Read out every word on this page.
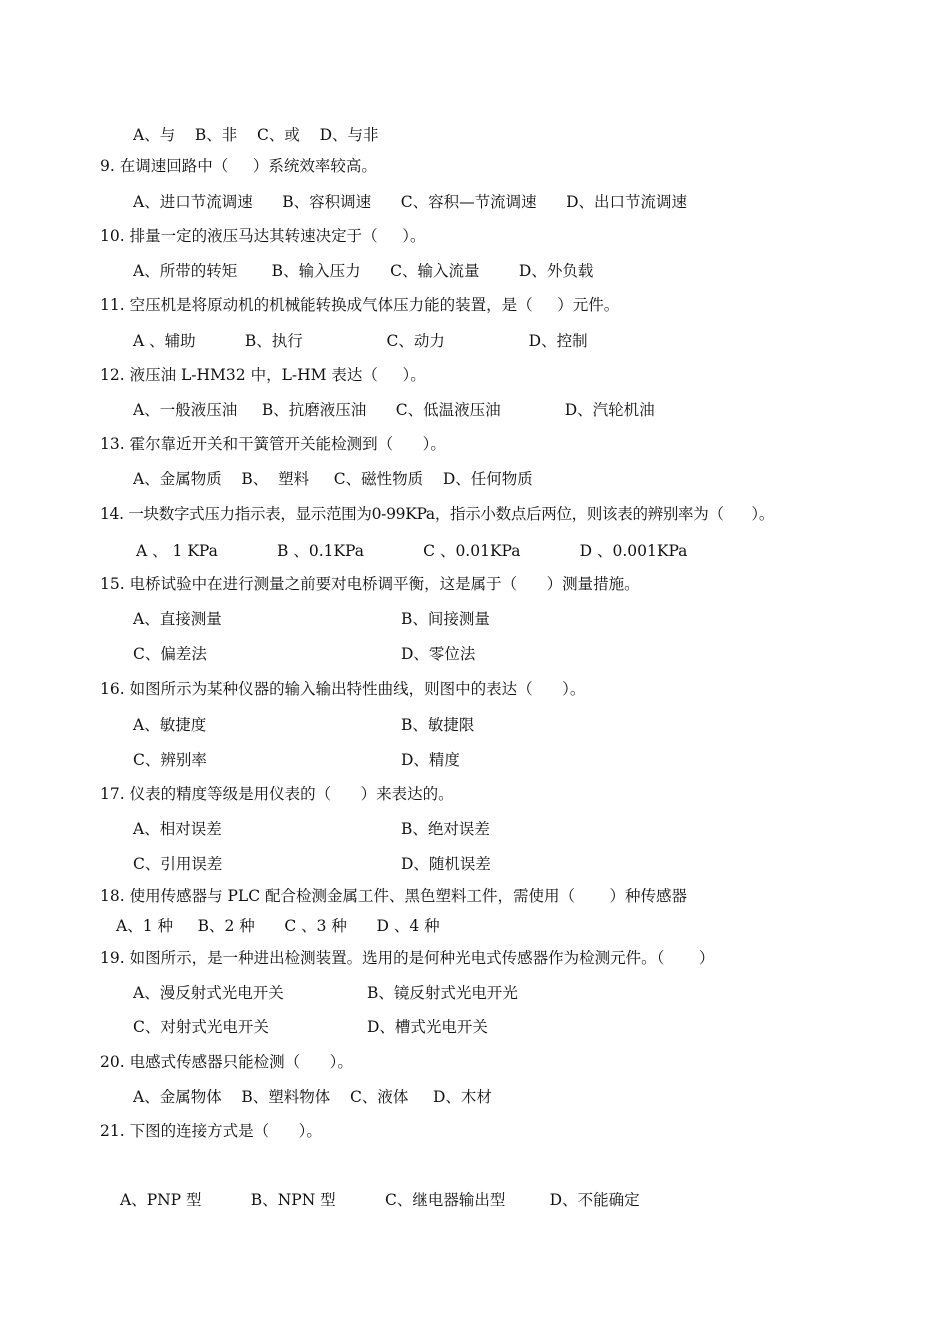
A、与    B、非    C、或    D、与非
9. 在调速回路中（     ）系统效率较高。
A、进口节流调速      B、容积调速      C、容积—节流调速      D、出口节流调速
10. 排量一定的液压马达其转速决定于（     ）。
A、所带的转矩       B、输入压力      C、输入流量        D、外负载
11. 空压机是将原动机的机械能转换成气体压力能的装置，是（     ）元件。
A 、辅助          B、执行                 C、动力                 D、控制
12. 液压油 L-HM32 中，L-HM 表达（     ）。
A、一般液压油     B、抗磨液压油      C、低温液压油             D、汽轮机油
13. 霍尔靠近开关和干簧管开关能检测到（      ）。
A、金属物质    B、  塑料     C、磁性物质    D、任何物质
14. 一块数字式压力指示表，显示范围为0-99KPa，指示小数点后两位，则该表的辨别率为（      ）。
A 、 1 KPa            B 、0.1KPa            C 、0.01KPa            D 、0.001KPa
15. 电桥试验中在进行测量之前要对电桥调平衡，这是属于（      ）测量措施。
A、直接测量	B、间接测量
C、偏差法	D、零位法
16. 如图所示为某种仪器的输入输出特性曲线，则图中的表达（      ）。
A、敏捷度	B、敏捷限
C、辨别率	D、精度
17. 仪表的精度等级是用仪表的（      ）来表达的。
A、相对误差	B、绝对误差
C、引用误差	D、随机误差
18. 使用传感器与 PLC 配合检测金属工件、黑色塑料工件，需使用（       ）种传感器
A、1 种     B、2 种      C 、3 种      D 、4 种
19. 如图所示，是一种进出检测装置。选用的是何种光电式传感器作为检测元件。（       ）
A、漫反射式光电开关	B、镜反射式光电开光
C、对射式光电开关	D、槽式光电开关
20. 电感式传感器只能检测（      ）。
A、金属物体    B、塑料物体    C、液体     D、木材
21. 下图的连接方式是（      ）。
A、PNP 型          B、NPN 型          C、继电器输出型         D、不能确定
